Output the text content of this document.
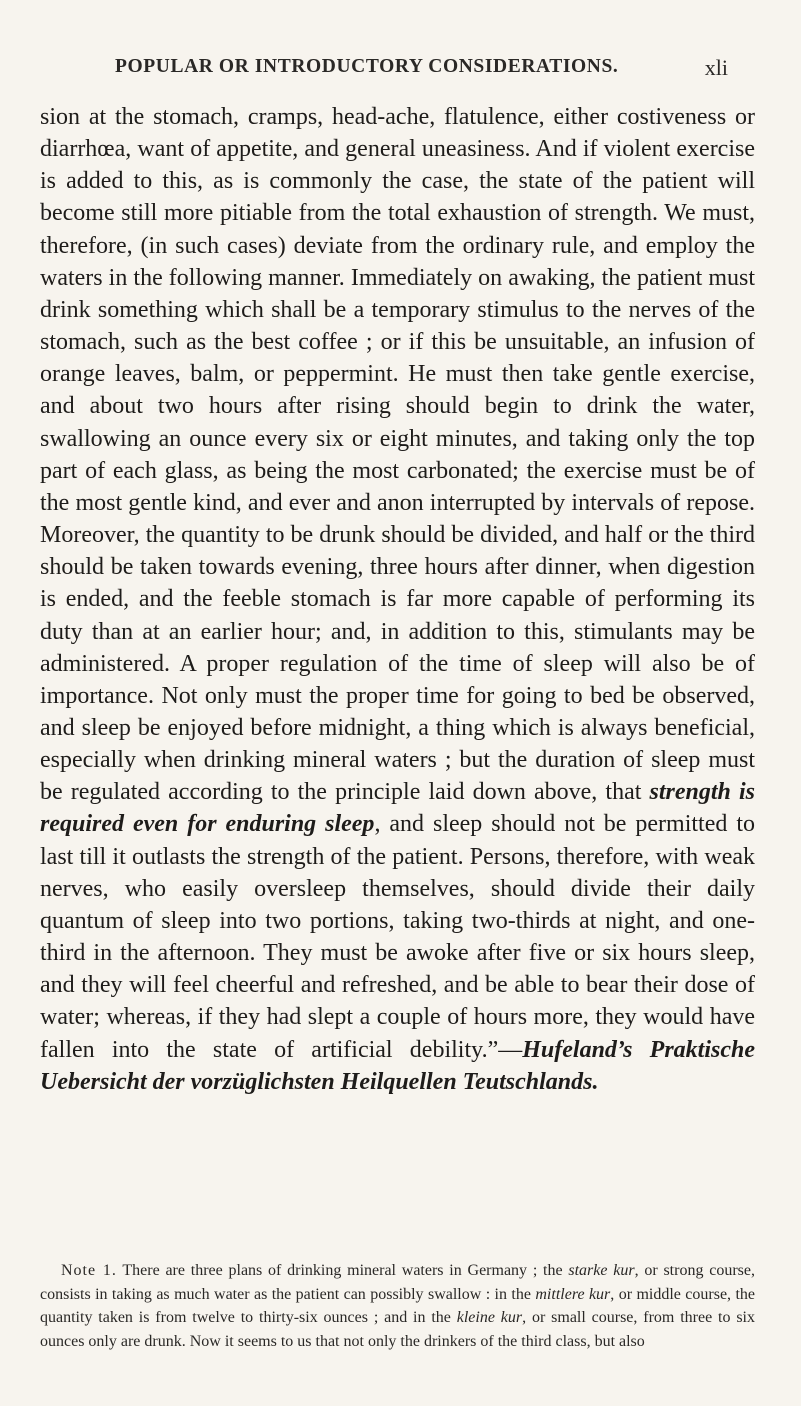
POPULAR OR INTRODUCTORY CONSIDERATIONS.	xli

sion at the stomach, cramps, head-ache, flatulence, either costiveness or diarrhœa, want of appetite, and general uneasiness. And if violent exercise is added to this, as is commonly the case, the state of the patient will become still more pitiable from the total exhaustion of strength. We must, therefore, (in such cases) deviate from the ordinary rule, and employ the waters in the following manner. Immediately on awaking, the patient must drink something which shall be a temporary stimulus to the nerves of the stomach, such as the best coffee ; or if this be unsuitable, an infusion of orange leaves, balm, or peppermint. He must then take gentle exercise, and about two hours after rising should begin to drink the water, swallowing an ounce every six or eight minutes, and taking only the top part of each glass, as being the most carbonated; the exercise must be of the most gentle kind, and ever and anon interrupted by intervals of repose. Moreover, the quantity to be drunk should be divided, and half or the third should be taken towards evening, three hours after dinner, when digestion is ended, and the feeble stomach is far more capable of performing its duty than at an earlier hour; and, in addition to this, stimulants may be administered. A proper regulation of the time of sleep will also be of importance. Not only must the proper time for going to bed be observed, and sleep be enjoyed before midnight, a thing which is always beneficial, especially when drinking mineral waters ; but the duration of sleep must be regulated according to the principle laid down above, that strength is required even for enduring sleep, and sleep should not be permitted to last till it outlasts the strength of the patient. Persons, therefore, with weak nerves, who easily oversleep themselves, should divide their daily quantum of sleep into two portions, taking two-thirds at night, and one-third in the afternoon. They must be awoke after five or six hours sleep, and they will feel cheerful and refreshed, and be able to bear their dose of water; whereas, if they had slept a couple of hours more, they would have fallen into the state of artificial debility.”—Hufeland’s Praktische Uebersicht der vorzüglichsten Heilquellen Teutschlands.

Note 1. There are three plans of drinking mineral waters in Germany ; the starke kur, or strong course, consists in taking as much water as the patient can possibly swallow : in the mittlere kur, or middle course, the quantity taken is from twelve to thirty-six ounces ; and in the kleine kur, or small course, from three to six ounces only are drunk. Now it seems to us that not only the drinkers of the third class, but also
